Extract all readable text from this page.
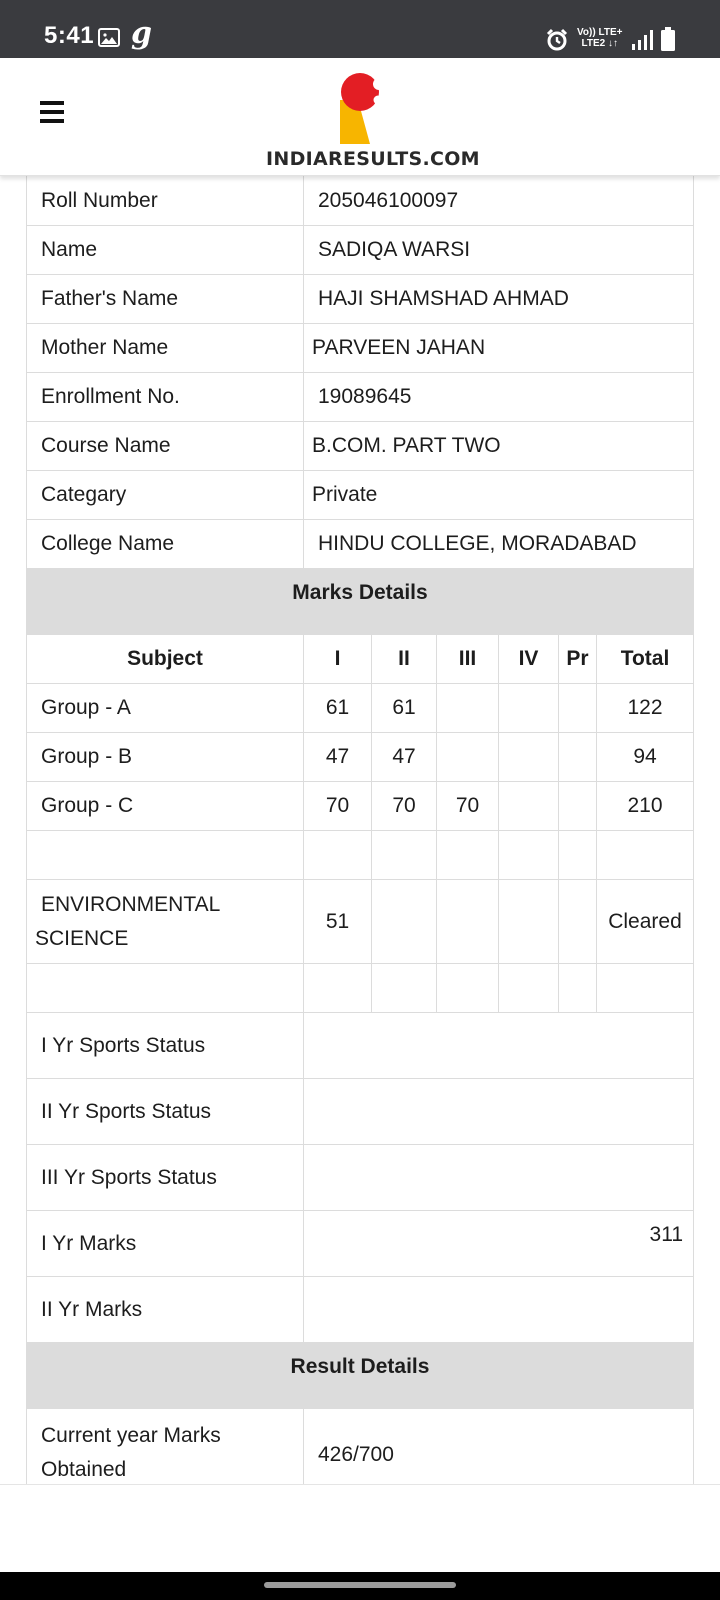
5:41 g	Vo)) LTE+
LTE2 ↓↑
INDIARESULTS.COM
Roll Number	205046100097					
Name	SADIQA WARSI					
Father's Name	HAJI SHAMSHAD AHMAD					
Mother Name	PARVEEN JAHAN					
Enrollment No.	19089645					
Course Name	B.COM. PART TWO					
Categary	Private					
College Name	HINDU COLLEGE, MORADABAD					
Marks Details						
Subject	I	II	III	IV	Pr	Total
Group - A	61	61				122
Group - B	47	47				94
Group - C	70	70	70			210

ENVIRONMENTAL
SCIENCE	51					Cleared

I Yr Sports Status						
II Yr Sports Status						
III Yr Sports Status						
I Yr Marks	311					
II Yr Marks						
Result Details						
Current year Marks
Obtained	426/700					
